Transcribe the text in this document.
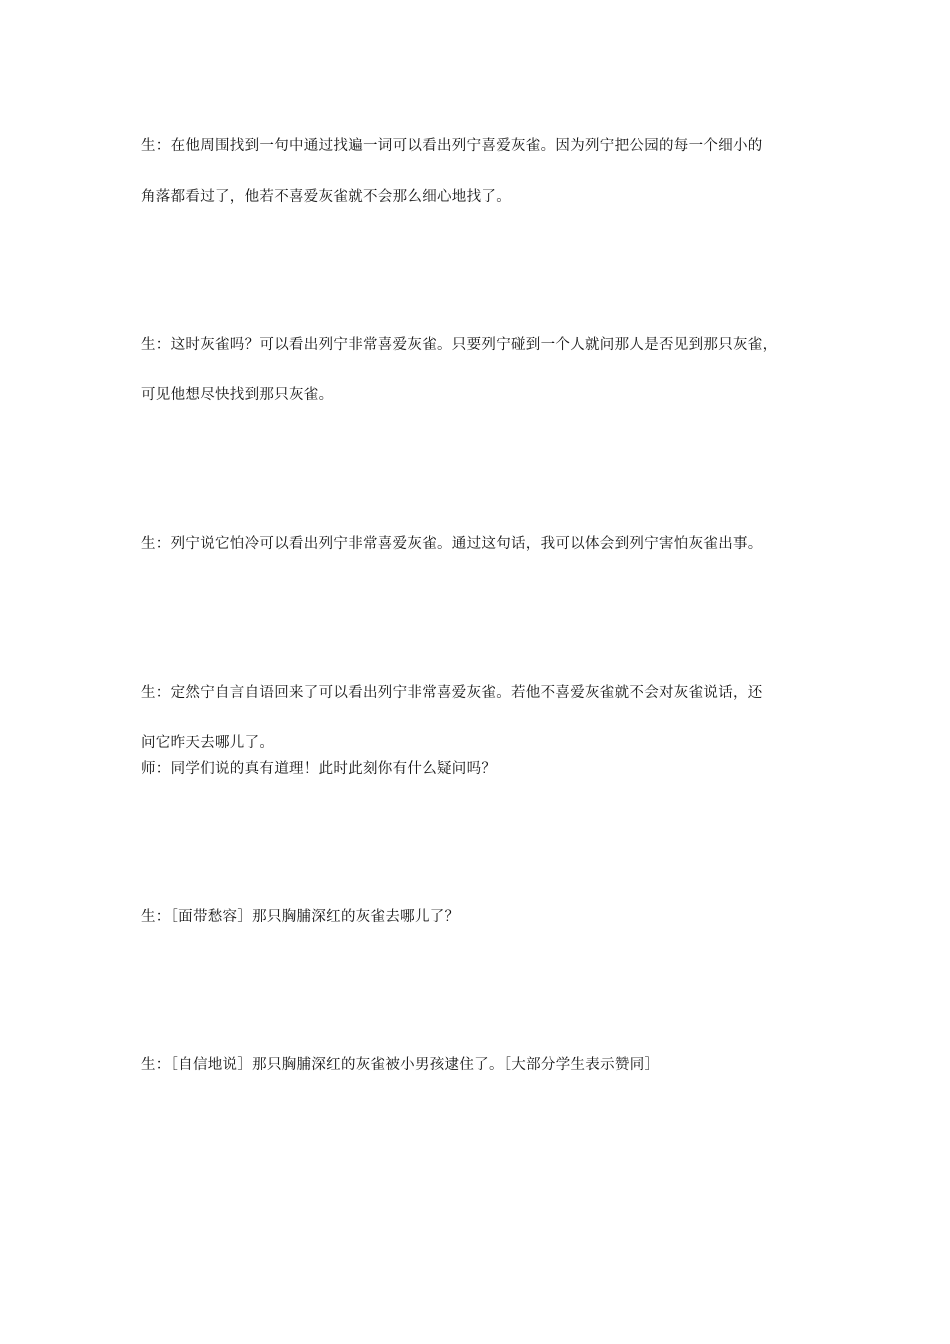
生：在他周围找到一句中通过找遍一词可以看出列宁喜爱灰雀。因为列宁把公园的每一个细小的
角落都看过了，他若不喜爱灰雀就不会那么细心地找了。
生：这时灰雀吗？可以看出列宁非常喜爱灰雀。只要列宁碰到一个人就问那人是否见到那只灰雀，
可见他想尽快找到那只灰雀。
生：列宁说它怕冷可以看出列宁非常喜爱灰雀。通过这句话，我可以体会到列宁害怕灰雀出事。
生：定然宁自言自语回来了可以看出列宁非常喜爱灰雀。若他不喜爱灰雀就不会对灰雀说话，还
问它昨天去哪儿了。
师：同学们说的真有道理！此时此刻你有什么疑问吗？
生：［面带愁容］那只胸脯深红的灰雀去哪儿了？
生：［自信地说］那只胸脯深红的灰雀被小男孩逮住了。［大部分学生表示赞同］
